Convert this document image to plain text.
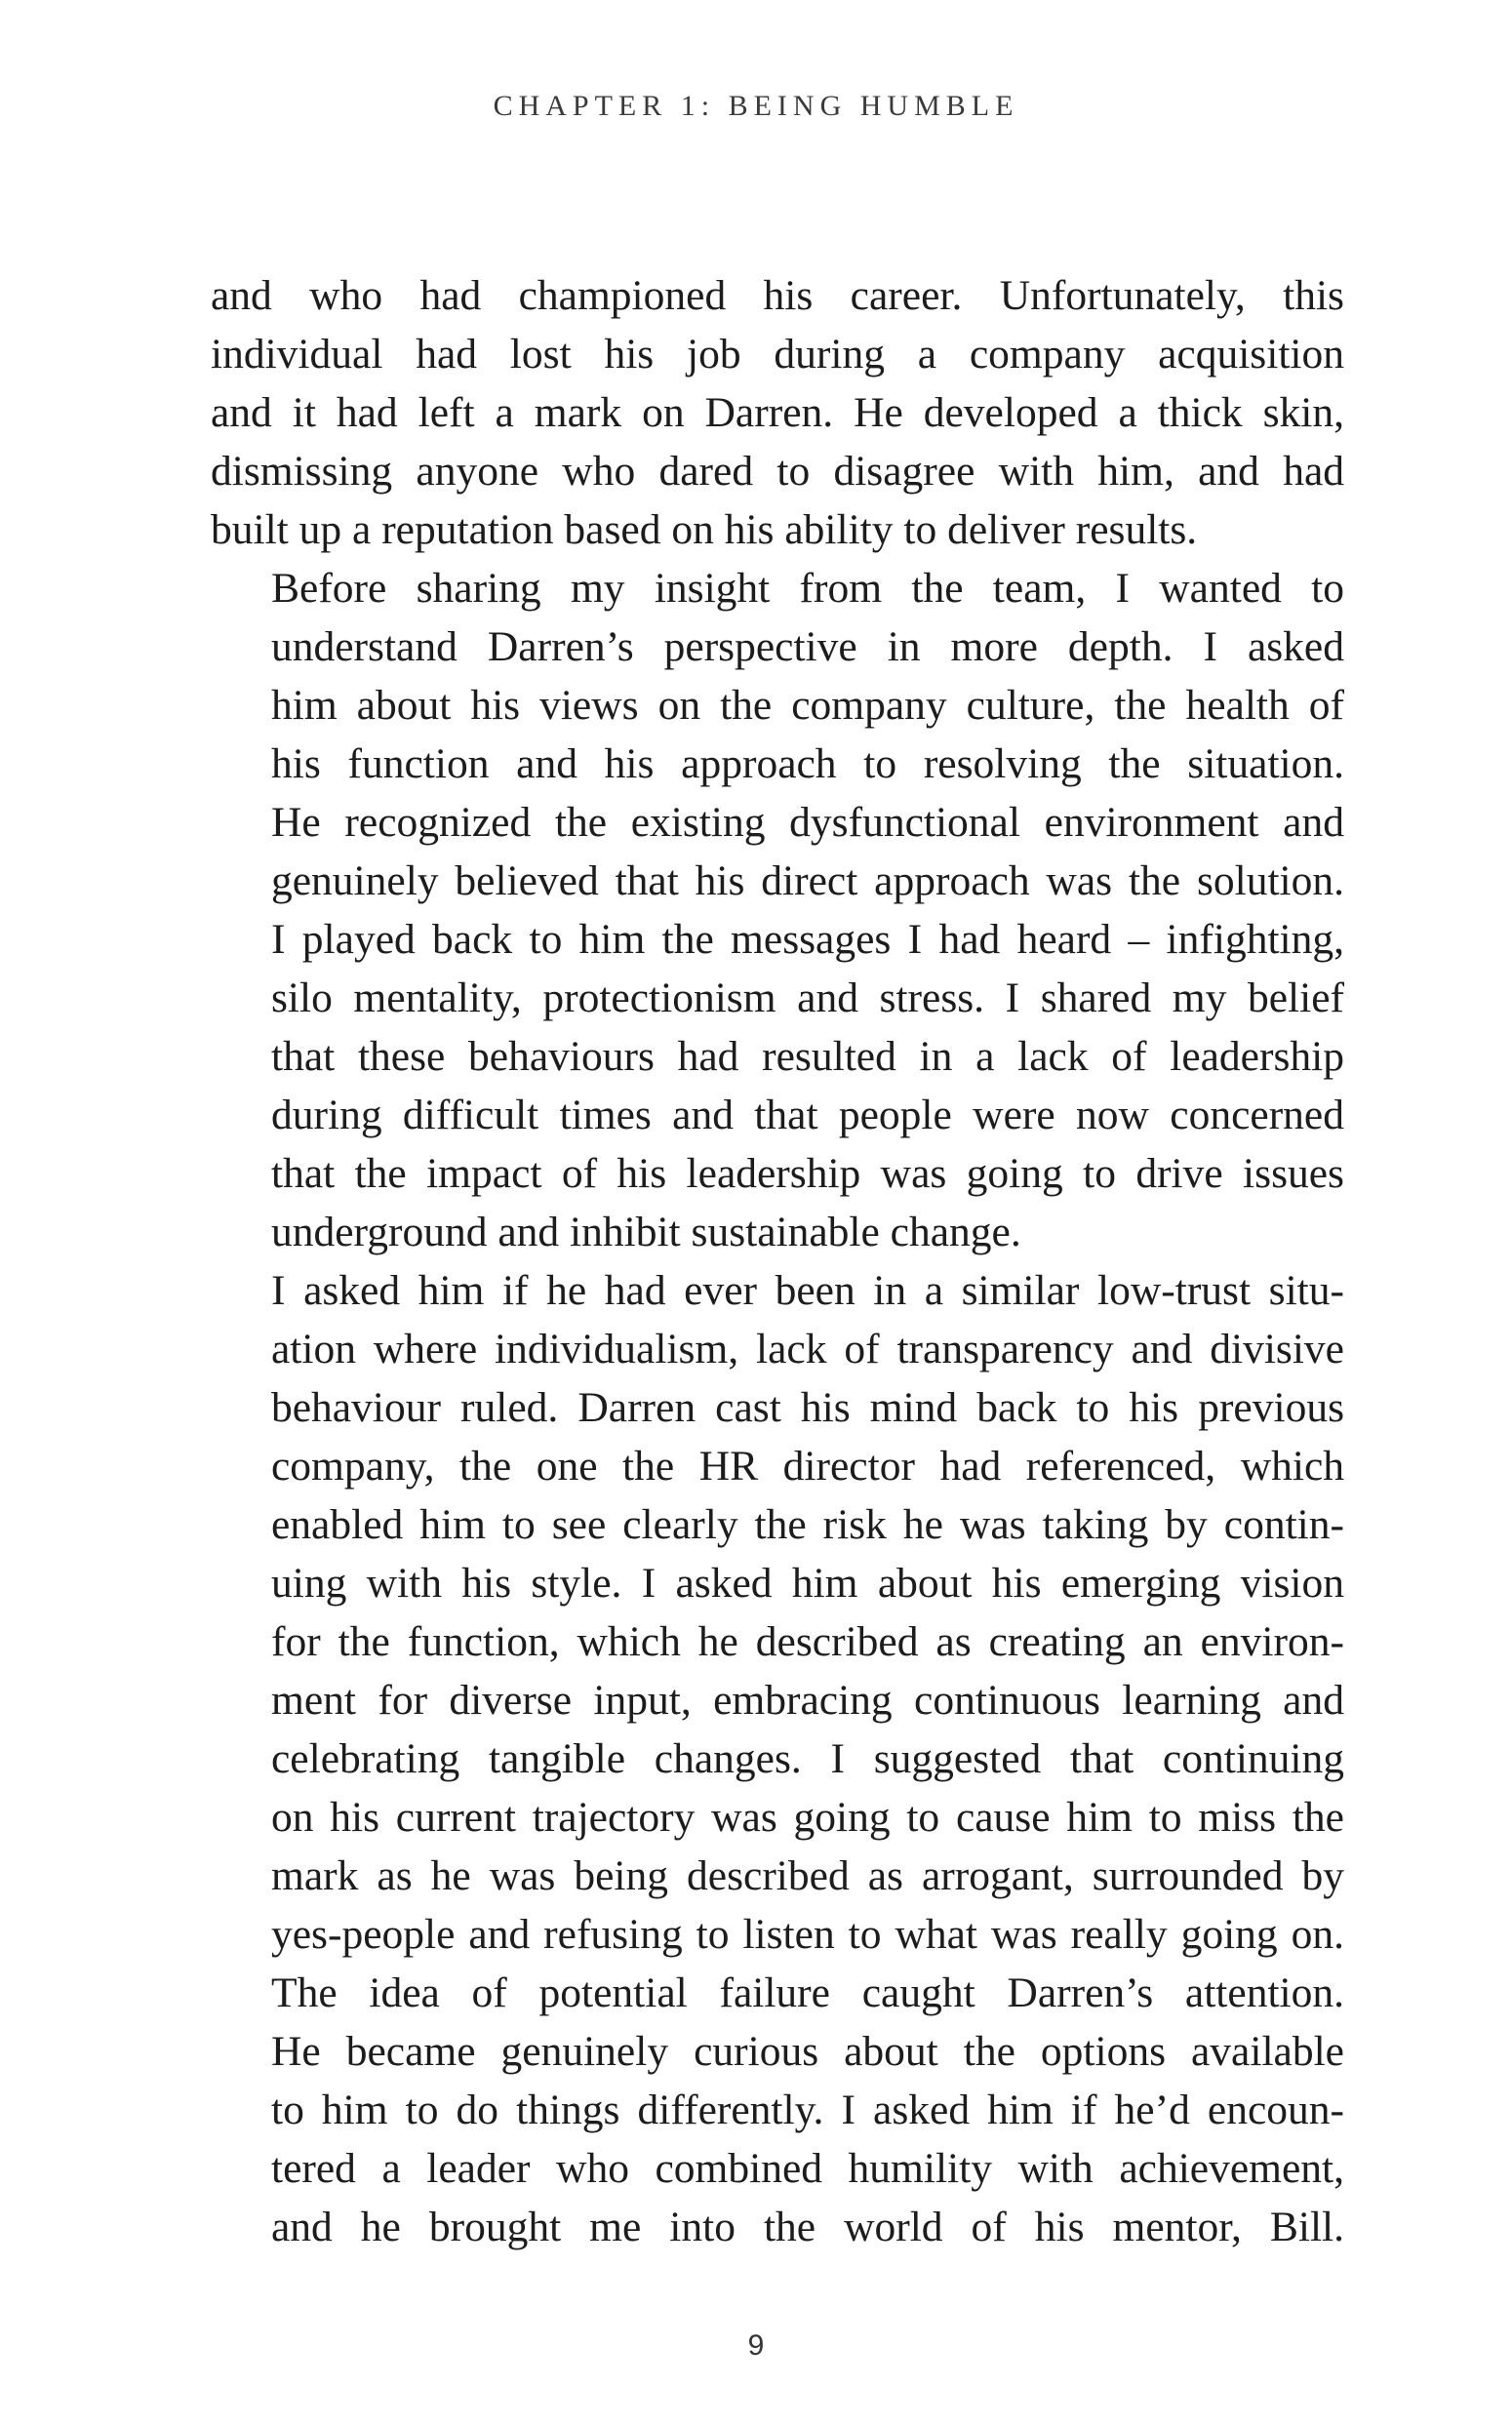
CHAPTER 1: BEING HUMBLE

and who had championed his career. Unfortunately, this
individual had lost his job during a company acquisition
and it had left a mark on Darren. He developed a thick skin,
dismissing anyone who dared to disagree with him, and had
built up a reputation based on his ability to deliver results.

Before sharing my insight from the team, I wanted to
understand Darren’s perspective in more depth. I asked
him about his views on the company culture, the health of
his function and his approach to resolving the situation.
He recognized the existing dysfunctional environment and
genuinely believed that his direct approach was the solution.
I played back to him the messages I had heard – infighting,
silo mentality, protectionism and stress. I shared my belief
that these behaviours had resulted in a lack of leadership
during difficult times and that people were now concerned
that the impact of his leadership was going to drive issues
underground and inhibit sustainable change.

I asked him if he had ever been in a similar low-trust situ-
ation where individualism, lack of transparency and divisive
behaviour ruled. Darren cast his mind back to his previous
company, the one the HR director had referenced, which
enabled him to see clearly the risk he was taking by contin-
uing with his style. I asked him about his emerging vision
for the function, which he described as creating an environ-
ment for diverse input, embracing continuous learning and
celebrating tangible changes. I suggested that continuing
on his current trajectory was going to cause him to miss the
mark as he was being described as arrogant, surrounded by
yes-people and refusing to listen to what was really going on.

The idea of potential failure caught Darren’s attention.
He became genuinely curious about the options available
to him to do things differently. I asked him if he’d encoun-
tered a leader who combined humility with achievement,
and he brought me into the world of his mentor, Bill.

9
